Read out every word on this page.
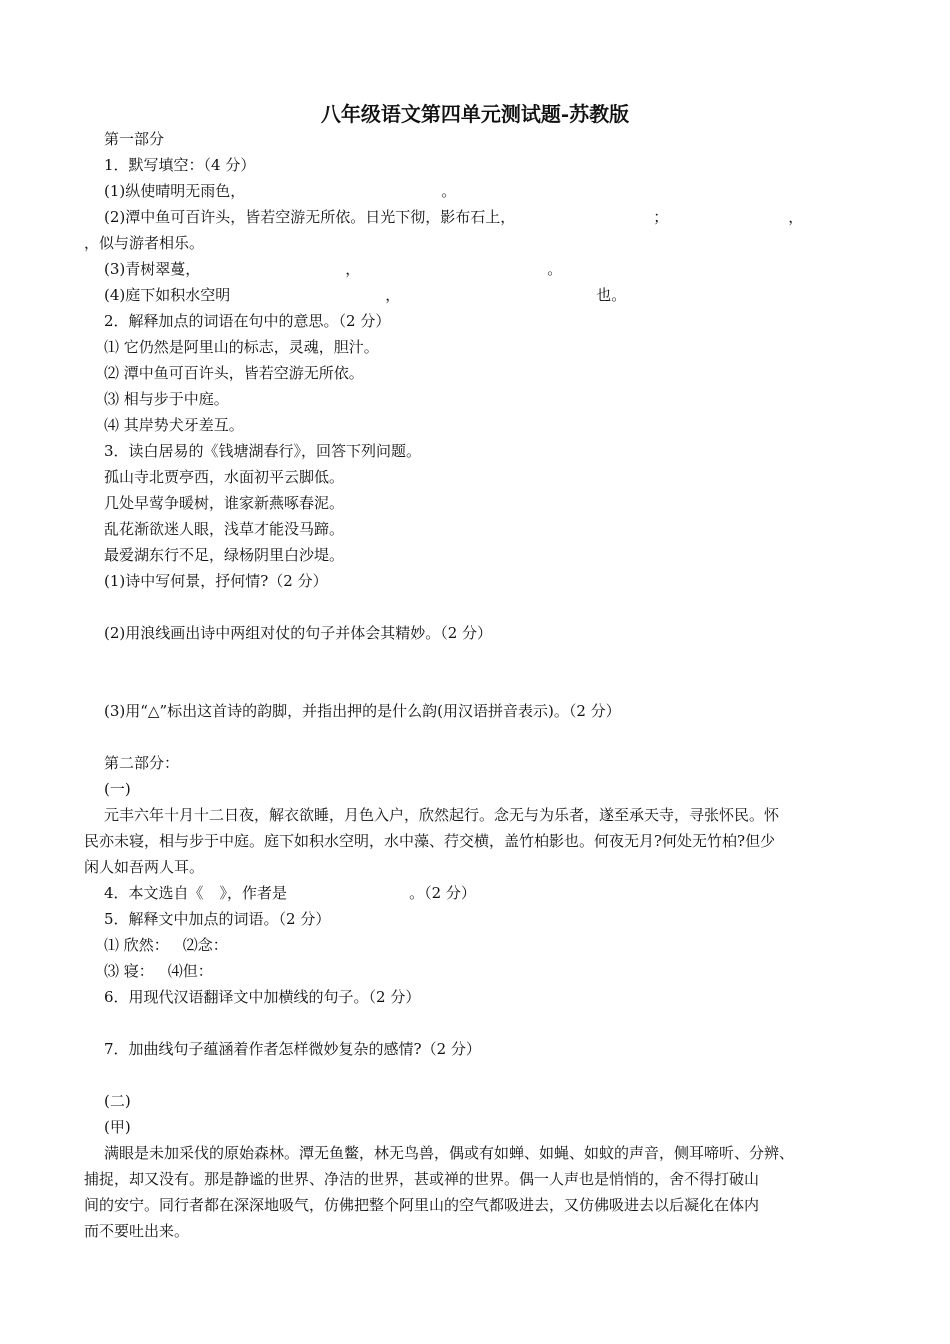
八年级语文第四单元测试题-苏教版
第一部分
1．默写填空：（4 分）
(1)纵使晴明无雨色，	。
(2)潭中鱼可百许头，皆若空游无所依。日光下彻，影布石上，	；	，
，似与游者相乐。
(3)青树翠蔓，	，	。
(4)庭下如积水空明	，	也。
2．解释加点的词语在句中的意思。（2 分）
⑴ 它仍然是阿里山的标志，灵魂，胆汁。
⑵ 潭中鱼可百许头，皆若空游无所依。
⑶ 相与步于中庭。
⑷ 其岸势犬牙差互。
3．读白居易的《钱塘湖春行》，回答下列问题。
孤山寺北贾亭西，水面初平云脚低。
几处早莺争暖树，谁家新燕啄春泥。
乱花渐欲迷人眼，浅草才能没马蹄。
最爱湖东行不足，绿杨阴里白沙堤。
(1)诗中写何景，抒何情?（2 分）
(2)用浪线画出诗中两组对仗的句子并体会其精妙。（2 分）
(3)用“△”标出这首诗的韵脚，并指出押的是什么韵(用汉语拼音表示)。（2 分）
第二部分：
(一)
元丰六年十月十二日夜，解衣欲睡，月色入户，欣然起行。念无与为乐者，遂至承天寺，寻张怀民。怀
民亦未寝，相与步于中庭。庭下如积水空明，水中藻、荇交横，盖竹柏影也。何夜无月?何处无竹柏?但少
闲人如吾两人耳。
4．本文选自《 》，作者是	。（2 分）
5．解释文中加点的词语。（2 分）
⑴ 欣然： ⑵念：
⑶ 寝： ⑷但：
6．用现代汉语翻译文中加横线的句子。（2 分）
7．加曲线句子蕴涵着作者怎样微妙复杂的感情?（2 分）
(二)
(甲)
满眼是未加采伐的原始森林。潭无鱼鳖，林无鸟兽，偶或有如蝉、如蝇、如蚊的声音，侧耳啼听、分辨、
捕捉，却又没有。那是静谧的世界、净洁的世界，甚或禅的世界。偶一人声也是悄悄的，舍不得打破山
间的安宁。同行者都在深深地吸气，仿佛把整个阿里山的空气都吸进去，又仿佛吸进去以后凝化在体内
而不要吐出来。
